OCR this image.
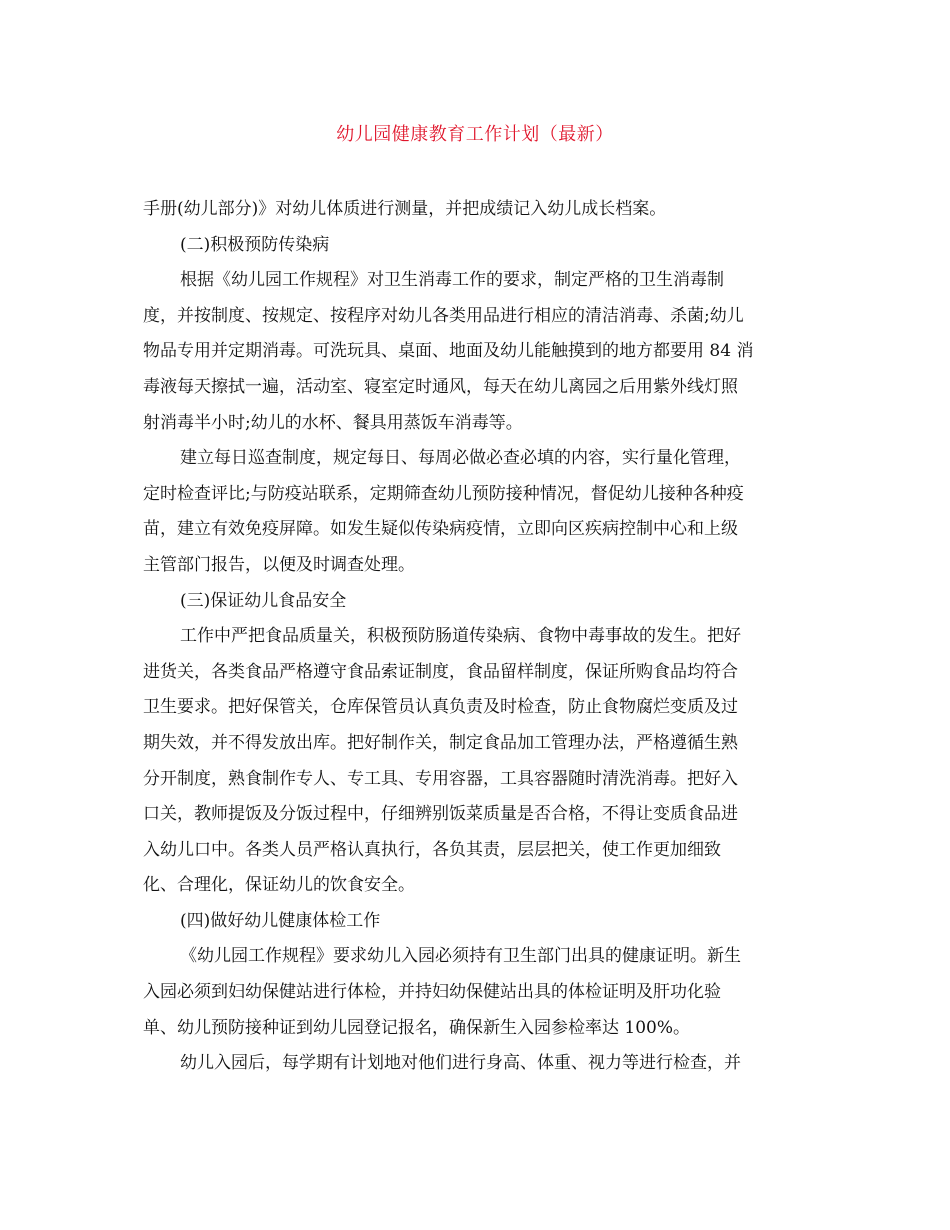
幼儿园健康教育工作计划（最新）
手册(幼儿部分)》对幼儿体质进行测量，并把成绩记入幼儿成长档案。
(二)积极预防传染病
根据《幼儿园工作规程》对卫生消毒工作的要求，制定严格的卫生消毒制
度，并按制度、按规定、按程序对幼儿各类用品进行相应的清洁消毒、杀菌;幼儿
物品专用并定期消毒。可洗玩具、桌面、地面及幼儿能触摸到的地方都要用 84 消
毒液每天擦拭一遍，活动室、寝室定时通风，每天在幼儿离园之后用紫外线灯照
射消毒半小时;幼儿的水杯、餐具用蒸饭车消毒等。
建立每日巡查制度，规定每日、每周必做必查必填的内容，实行量化管理，
定时检查评比;与防疫站联系，定期筛查幼儿预防接种情况，督促幼儿接种各种疫
苗，建立有效免疫屏障。如发生疑似传染病疫情，立即向区疾病控制中心和上级
主管部门报告，以便及时调查处理。
(三)保证幼儿食品安全
工作中严把食品质量关，积极预防肠道传染病、食物中毒事故的发生。把好
进货关，各类食品严格遵守食品索证制度，食品留样制度，保证所购食品均符合
卫生要求。把好保管关，仓库保管员认真负责及时检查，防止食物腐烂变质及过
期失效，并不得发放出库。把好制作关，制定食品加工管理办法，严格遵循生熟
分开制度，熟食制作专人、专工具、专用容器，工具容器随时清洗消毒。把好入
口关，教师提饭及分饭过程中，仔细辨别饭菜质量是否合格，不得让变质食品进
入幼儿口中。各类人员严格认真执行，各负其责，层层把关，使工作更加细致
化、合理化，保证幼儿的饮食安全。
(四)做好幼儿健康体检工作
《幼儿园工作规程》要求幼儿入园必须持有卫生部门出具的健康证明。新生
入园必须到妇幼保健站进行体检，并持妇幼保健站出具的体检证明及肝功化验
单、幼儿预防接种证到幼儿园登记报名，确保新生入园参检率达 100%。
幼儿入园后，每学期有计划地对他们进行身高、体重、视力等进行检查，并
